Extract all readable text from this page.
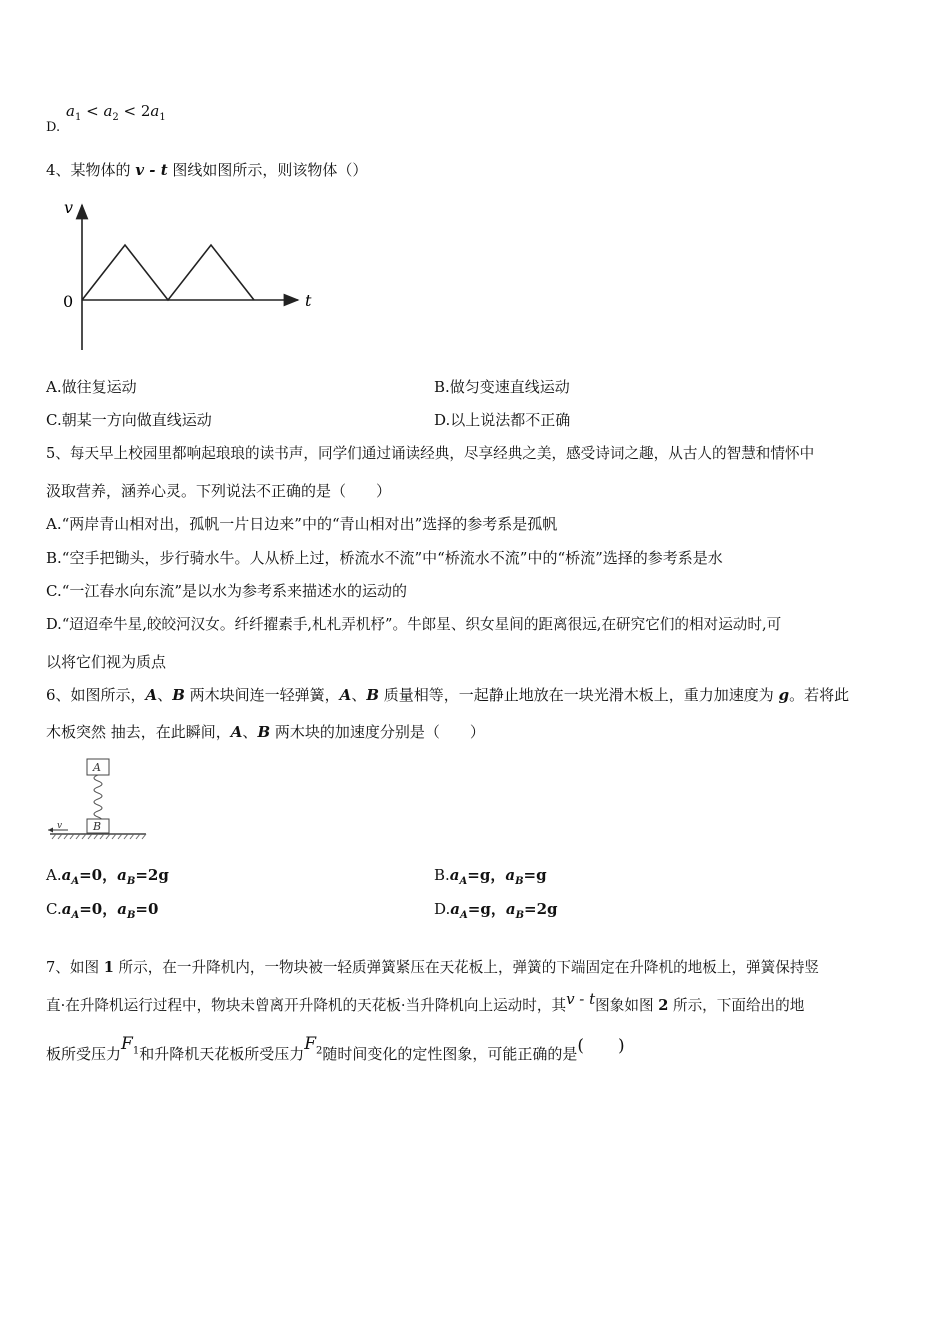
D.
$a_1 < a_2 < 2a_1$
4、某物体的 v - t 图线如图所示，则该物体（）
v
t
0
A.做往复运动	B.做匀变速直线运动
C.朝某一方向做直线运动	D.以上说法都不正确
5、每天早上校园里都响起琅琅的读书声，同学们通过诵读经典，尽享经典之美，感受诗词之趣，从古人的智慧和情怀中
汲取营养，涵养心灵。下列说法不正确的是（　　）
A.“两岸青山相对出，孤帆一片日边来”中的“青山相对出”选择的参考系是孤帆
B.“空手把锄头，步行骑水牛。人从桥上过，桥流水不流”中“桥流水不流”中的“桥流”选择的参考系是水
C.“一江春水向东流”是以水为参考系来描述水的运动的
D.“迢迢牵牛星,皎皎河汉女。纤纤擢素手,札札弄机杼”。牛郎星、织女星间的距离很远,在研究它们的相对运动时,可
以将它们视为质点
6、如图所示，A、B 两木块间连一轻弹簧，A、B 质量相等，一起静止地放在一块光滑木板上，重力加速度为 g。若将此
木板突然 抽去，在此瞬间，A、B 两木块的加速度分别是（　　）
A
B
v
$A.a_A=0$，$a_B=2g$	$B.a_A=g$，$a_B=g$
$C.a_A=0$，$a_B=0$	$D.a_A=g$，$a_B=2g$
7、如图 1 所示，在一升降机内，一物块被一轻质弹簧紧压在天花板上，弹簧的下端固定在升降机的地板上，弹簧保持竖
直·在升降机运行过程中，物块未曾离开升降机的天花板·当升降机向上运动时，其v - t图象如图 2 所示，下面给出的地
板所受压力$F_1$和升降机天花板所受压力$F_2$随时间变化的定性图象，可能正确的是(　　)
